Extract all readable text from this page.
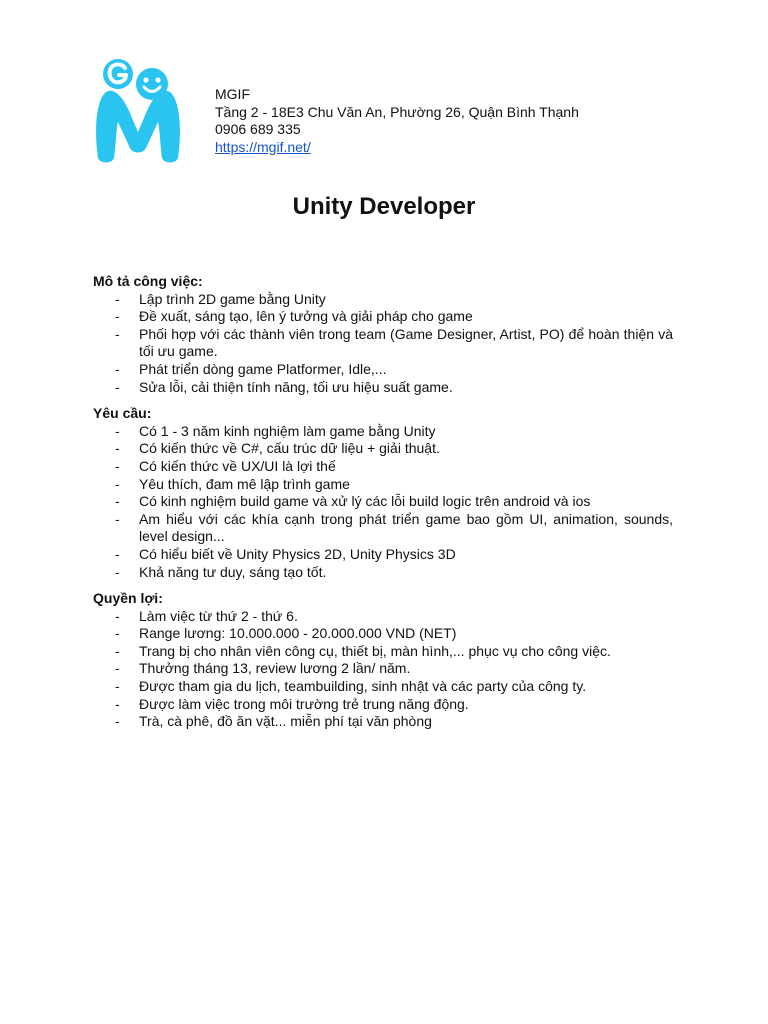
MGIF
Tầng 2 - 18E3 Chu Văn An, Phường 26, Quận Bình Thạnh
0906 689 335
https://mgif.net/
Unity Developer
Mô tả công việc:
- Lập trình 2D game bằng Unity
- Đề xuất, sáng tạo, lên ý tưởng và giải pháp cho game
- Phối hợp với các thành viên trong team (Game Designer, Artist, PO) để hoàn thiện và tối ưu game.
- Phát triển dòng game Platformer, Idle,...
- Sửa lỗi, cải thiện tính năng, tối ưu hiệu suất game.
Yêu cầu:
- Có 1 - 3 năm kinh nghiệm làm game bằng Unity
- Có kiến thức về C#, cấu trúc dữ liệu + giải thuật.
- Có kiến thức về UX/UI là lợi thế
- Yêu thích, đam mê lập trình game
- Có kinh nghiệm build game và xử lý các lỗi build logic trên android và ios
- Am hiểu với các khía cạnh trong phát triển game bao gồm UI, animation, sounds, level design...
- Có hiểu biết về Unity Physics 2D, Unity Physics 3D
- Khả năng tư duy, sáng tạo tốt.
Quyền lợi:
- Làm việc từ thứ 2 - thứ 6.
- Range lương: 10.000.000 - 20.000.000 VND (NET)
- Trang bị cho nhân viên công cụ, thiết bị, màn hình,... phục vụ cho công việc.
- Thưởng tháng 13, review lương 2 lần/ năm.
- Được tham gia du lịch, teambuilding, sinh nhật và các party của công ty.
- Được làm việc trong môi trường trẻ trung năng động.
- Trà, cà phê, đồ ăn vặt... miễn phí tại văn phòng
